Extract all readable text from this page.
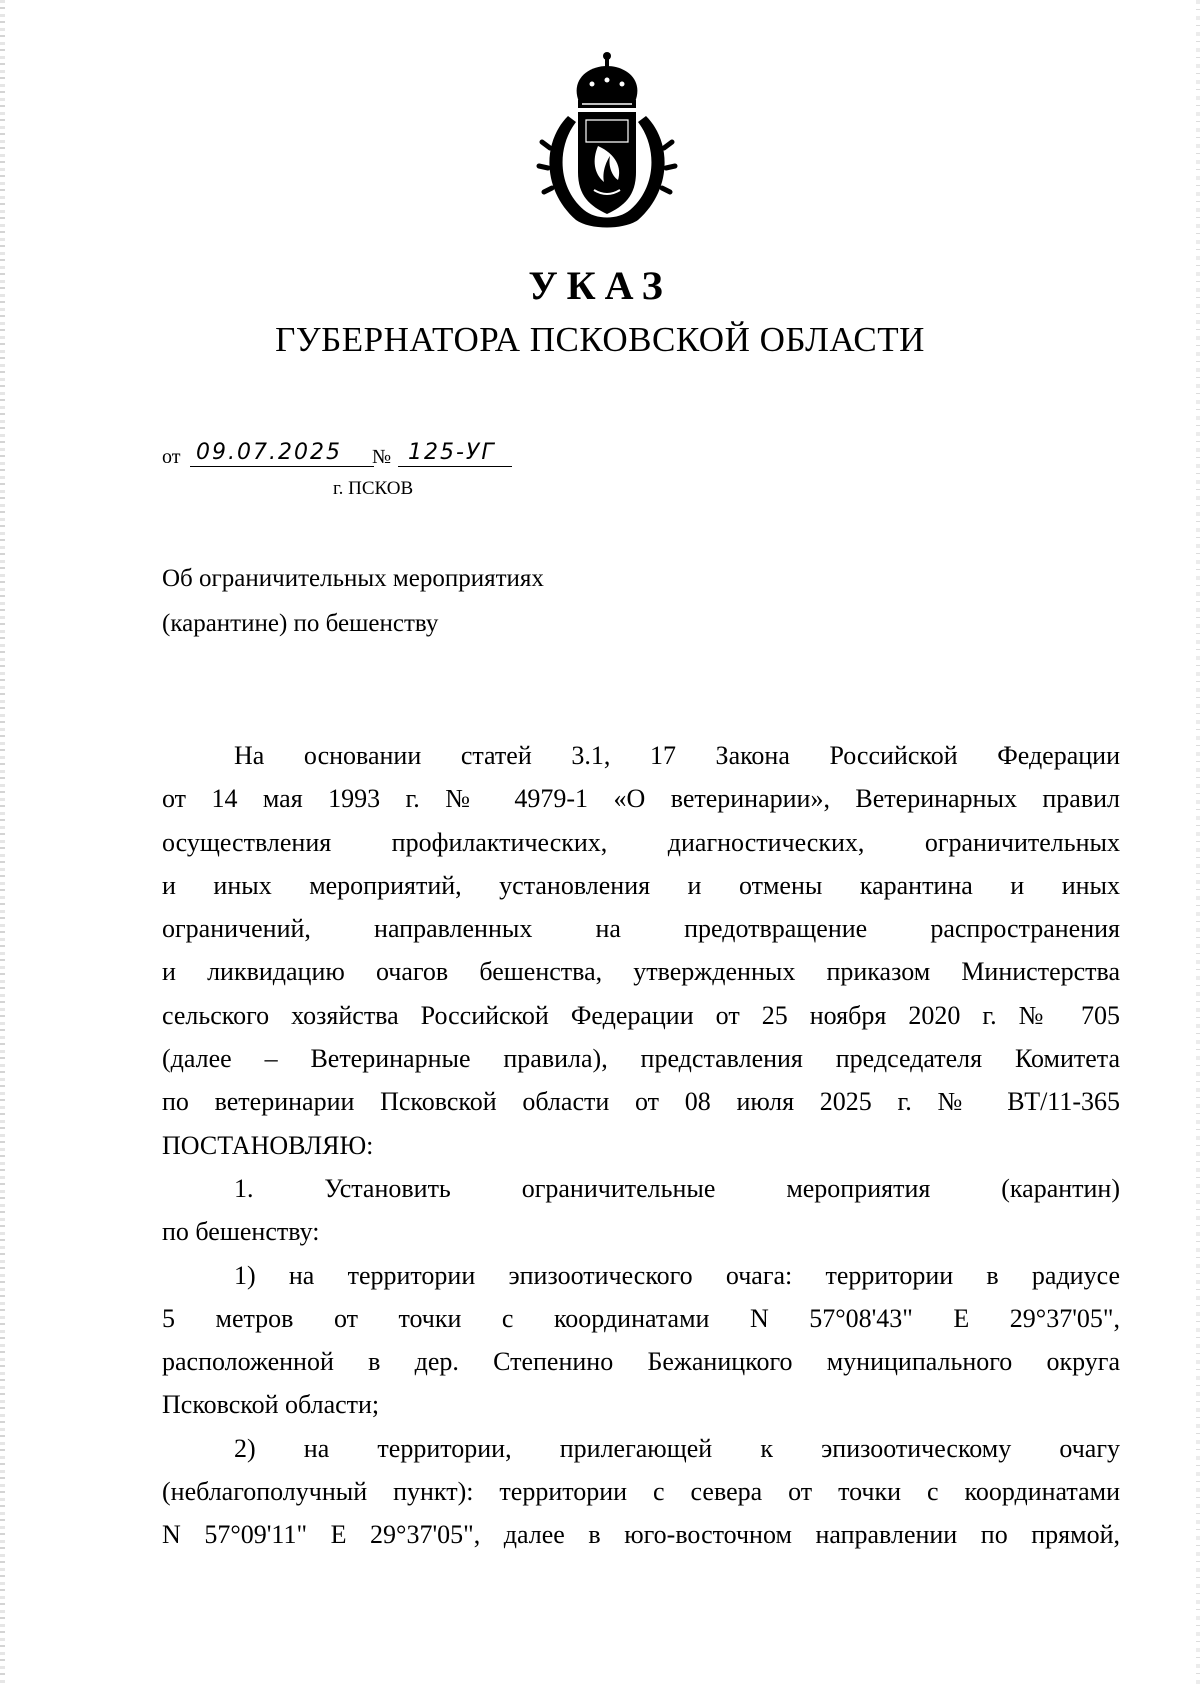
УКАЗ
ГУБЕРНАТОРА ПСКОВСКОЙ ОБЛАСТИ
от 09.07.2025	№ 125-УГ
г. ПСКОВ
Об ограничительных мероприятиях
(карантине) по бешенству

На основании статей 3.1, 17 Закона Российской Федерации

от 14 мая 1993 г. № 4979-1 «О ветеринарии», Ветеринарных правил

осуществления профилактических, диагностических, ограничительных

и иных мероприятий, установления и отмены карантина и иных

ограничений, направленных на предотвращение распространения

и ликвидацию очагов бешенства, утвержденных приказом Министерства

сельского хозяйства Российской Федерации от 25 ноября 2020 г. № 705

(далее – Ветеринарные правила), представления председателя Комитета

по ветеринарии Псковской области от 08 июля 2025 г. № ВТ/11-365

ПОСТАНОВЛЯЮ:

1. Установить ограничительные мероприятия (карантин)

по бешенству:

1) на территории эпизоотического очага: территории в радиусе

5 метров от точки с координатами N 57°08'43" E 29°37'05",

расположенной в дер. Степенино Бежаницкого муниципального округа

Псковской области;

2) на территории, прилегающей к эпизоотическому очагу

(неблагополучный пункт): территории с севера от точки с координатами

N 57°09'11" E 29°37'05", далее в юго-восточном направлении по прямой,
